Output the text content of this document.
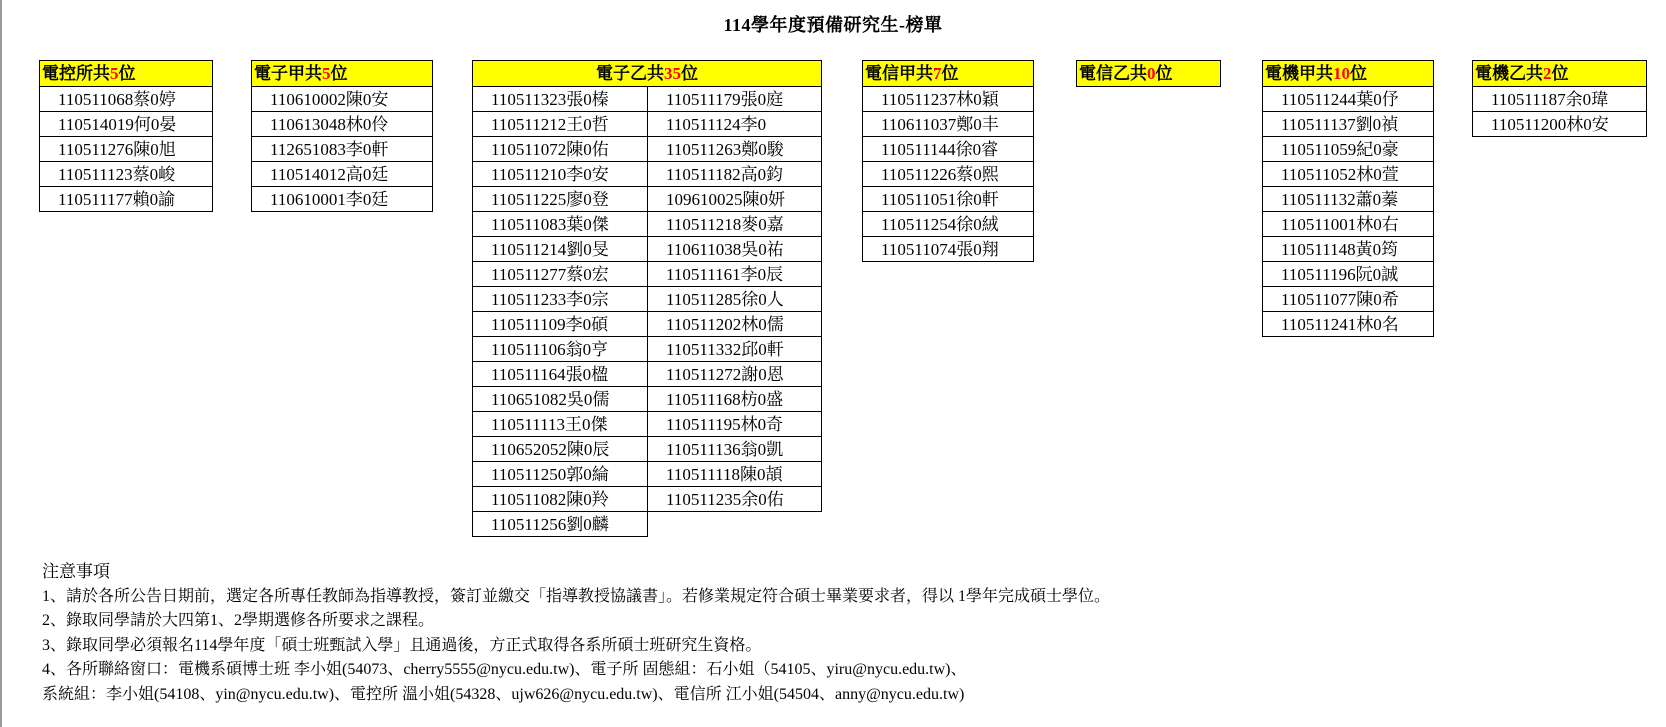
114學年度預備研究生-榜單
電控所共5位
110511068蔡0婷
110514019何0晏
110511276陳0旭
110511123蔡0峻
110511177賴0諭
電子甲共5位
110610002陳0安
110613048林0伶
112651083李0軒
110514012高0廷
110610001李0廷
電子乙共35位
110511323張0榛	110511179張0庭
110511212王0哲	110511124李0
110511072陳0佑	110511263鄭0駿
110511210李0安	110511182高0鈞
110511225廖0登	109610025陳0妍
110511083葉0傑	110511218麥0嘉
110511214劉0旻	110611038吳0祐
110511277蔡0宏	110511161李0辰
110511233李0宗	110511285徐0人
110511109李0碩	110511202林0儒
110511106翁0亨	110511332邱0軒
110511164張0楹	110511272謝0恩
110651082吳0儒	110511168枋0盛
110511113王0傑	110511195林0奇
110652052陳0辰	110511136翁0凱
110511250郭0綸	110511118陳0頡
110511082陳0羚	110511235余0佑
110511256劉0麟
電信甲共7位
110511237林0穎
110611037鄭0丰
110511144徐0睿
110511226蔡0熙
110511051徐0軒
110511254徐0絨
110511074張0翔
電信乙共0位	電機甲共10位
110511244葉0伃
110511137劉0禎
110511059紀0豪
110511052林0萱
110511132蕭0蓁
110511001林0右
110511148黃0筠
110511196阮0誠
110511077陳0希
110511241林0名
電機乙共2位
110511187余0瑋
110511200林0安
注意事項
1、請於各所公告日期前，選定各所專任教師為指導教授，簽訂並繳交「指導教授協議書」。若修業規定符合碩士畢業要求者，得以 1學年完成碩士學位。
2、錄取同學請於大四第1、2學期選修各所要求之課程。
3、錄取同學必須報名114學年度「碩士班甄試入學」且通過後，方正式取得各系所碩士班研究生資格。
4、各所聯絡窗口：電機系碩博士班 李小姐(54073、cherry5555@nycu.edu.tw)、電子所 固態組：石小姐（54105、yiru@nycu.edu.tw)、
系統組：李小姐(54108、yin@nycu.edu.tw)、電控所 溫小姐(54328、ujw626@nycu.edu.tw)、電信所 江小姐(54504、anny@nycu.edu.tw)
